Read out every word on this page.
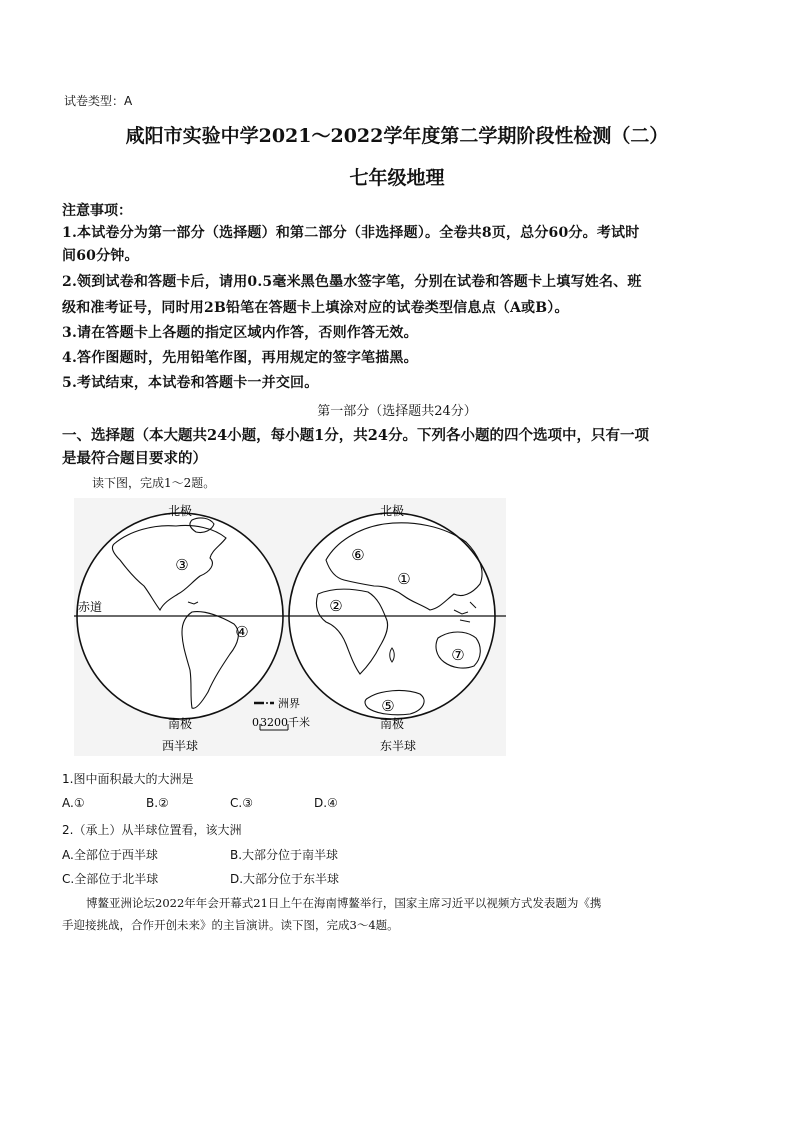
试卷类型：A
咸阳市实验中学2021～2022学年度第二学期阶段性检测（二）
七年级地理
注意事项：
1.本试卷分为第一部分（选择题）和第二部分（非选择题）。全卷共8页，总分60分。考试时
间60分钟。
2.领到试卷和答题卡后，请用0.5毫米黑色墨水签字笔，分别在试卷和答题卡上填写姓名、班
级和准考证号，同时用2B铅笔在答题卡上填涂对应的试卷类型信息点（A或B）。
3.请在答题卡上各题的指定区域内作答，否则作答无效。
4.答作图题时，先用铅笔作图，再用规定的签字笔描黑。
5.考试结束，本试卷和答题卡一并交回。
第一部分（选择题共24分）
一、选择题（本大题共24小题，每小题1分，共24分。下列各小题的四个选项中，只有一项
是最符合题目要求的）
读下图，完成1～2题。
③
④
①
②
⑥
⑦
⑤
北极	北极
南极	南极
西半球	东半球
赤道
洲界
0 3200千米
1.图中面积最大的大洲是
A.①	B.②	C.③	D.④
2.（承上）从半球位置看，该大洲
A.全部位于西半球	B.大部分位于南半球
C.全部位于北半球	D.大部分位于东半球
博鳌亚洲论坛2022年年会开幕式21日上午在海南博鳌举行，国家主席习近平以视频方式发表题为《携
手迎接挑战，合作开创未来》的主旨演讲。读下图，完成3～4题。
